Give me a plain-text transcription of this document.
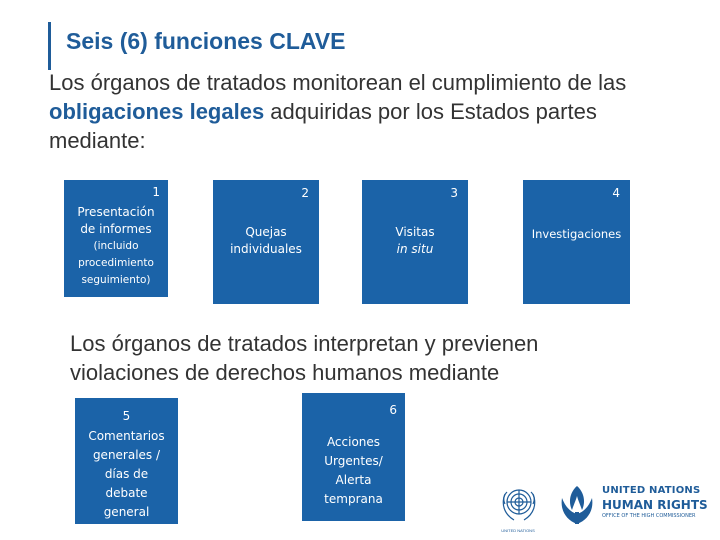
Seis (6) funciones CLAVE
Los órganos de tratados monitorean el cumplimiento de las obligaciones legales adquiridas por los Estados partes mediante:
1
Presentación
de informes
(incluido
procedimiento
seguimiento)
2
Quejas
individuales
3
Visitas
in situ
4
Investigaciones
Los órganos de tratados interpretan y previenen violaciones de derechos humanos mediante
5
Comentarios
generales /
días de
debate
general
6
Acciones
Urgentes/
Alerta
temprana
UNITED NATIONS
UNITED NATIONS
HUMAN RIGHTS
OFFICE OF THE HIGH COMMISSIONER
